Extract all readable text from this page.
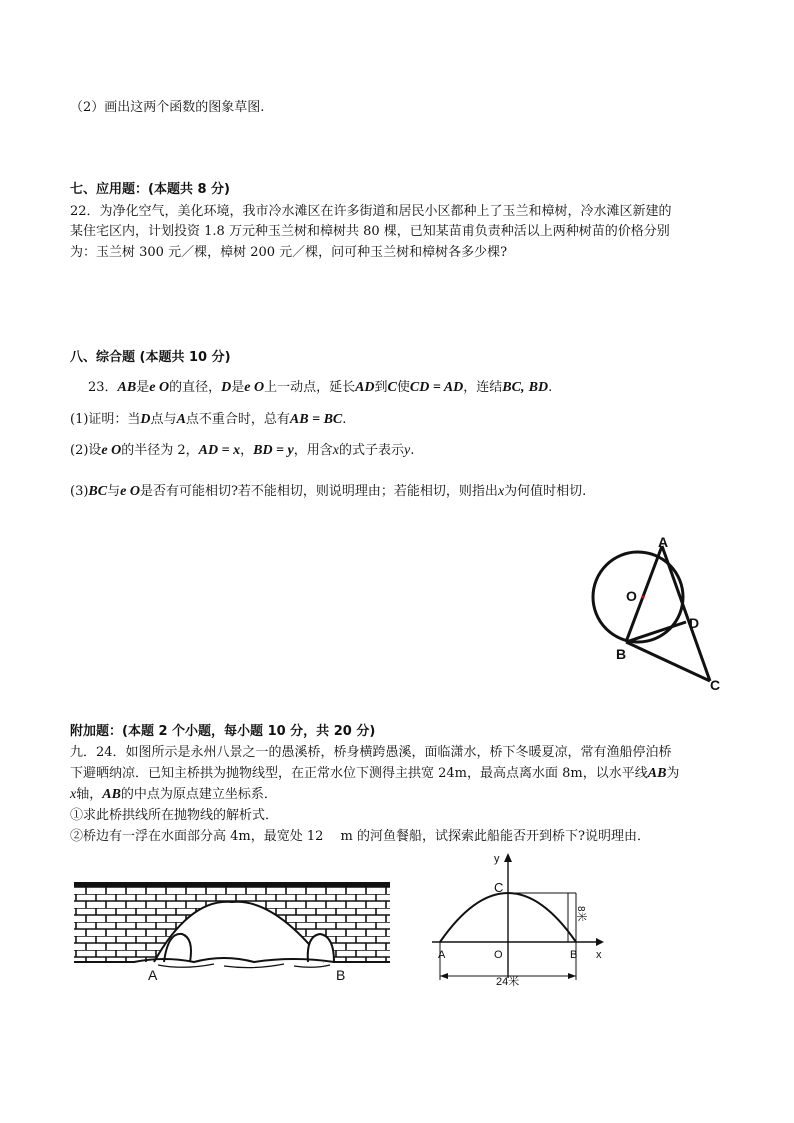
（2）画出这两个函数的图象草图.
七、应用题：(本题共 8 分)
22．为净化空气，美化环境，我市冷水滩区在许多街道和居民小区都种上了玉兰和樟树，冷水滩区新建的
某住宅区内，计划投资 1.8 万元种玉兰树和樟树共 80 棵，已知某苗甫负责种活以上两种树苗的价格分别
为：玉兰树 300 元／棵，樟树 200 元／棵，问可种玉兰树和樟树各多少棵?
八、综合题 (本题共 10 分)
23．AB是e O的直径，D是e O上一动点，延长AD到C使CD = AD，连结BC, BD.
(1)证明：当D点与A点不重合时，总有AB = BC.
(2)设e O的半径为 2，AD = x，BD = y，用含x的式子表示y.
(3)BC与e O是否有可能相切?若不能相切，则说明理由；若能相切，则指出x为何值时相切.
A
O
D
B
C
附加题：(本题 2 个小题，每小题 10 分，共 20 分)
九．24．如图所示是永州八景之一的愚溪桥，桥身横跨愚溪，面临潇水，桥下冬暖夏凉，常有渔船停泊桥
下避晒纳凉．已知主桥拱为抛物线型，在正常水位下测得主拱宽 24m，最高点离水面 8m，以水平线AB为
x轴，AB的中点为原点建立坐标系．
①求此桥拱线所在抛物线的解析式．
②桥边有一浮在水面部分高 4m，最宽处 12　 m 的河鱼餐船，试探索此船能否开到桥下?说明理由．
A	B
y
C
A	O	B x
8米
24米
